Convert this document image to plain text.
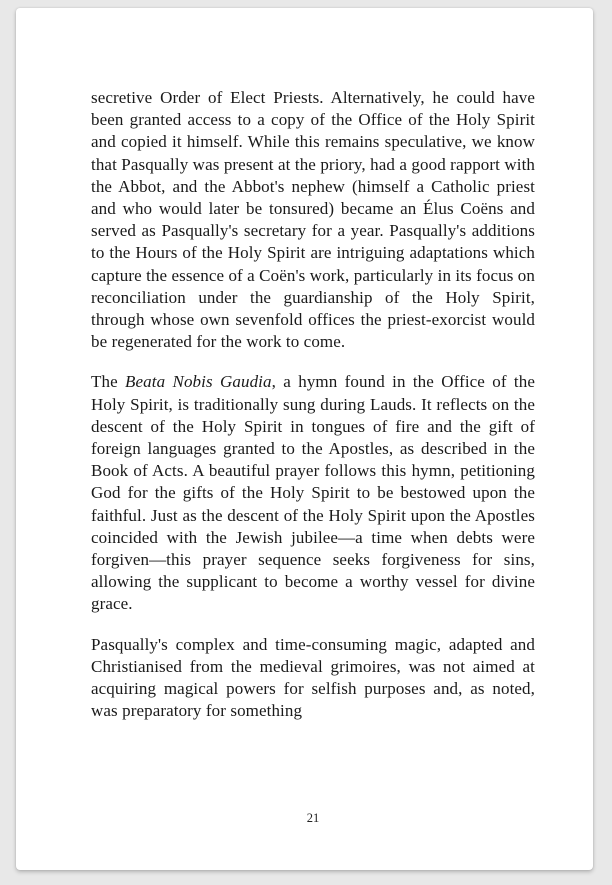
secretive Order of Elect Priests. Alternatively, he could have been granted access to a copy of the Office of the Holy Spirit and copied it himself. While this remains speculative, we know that Pasqually was present at the priory, had a good rapport with the Abbot, and the Abbot's nephew (himself a Catholic priest and who would later be tonsured) became an Élus Coëns and served as Pasqually's secretary for a year. Pasqually's additions to the Hours of the Holy Spirit are intriguing adaptations which capture the essence of a Coën's work, particularly in its focus on reconciliation under the guardianship of the Holy Spirit, through whose own sevenfold offices the priest-exorcist would be regenerated for the work to come.

The Beata Nobis Gaudia, a hymn found in the Office of the Holy Spirit, is traditionally sung during Lauds. It reflects on the descent of the Holy Spirit in tongues of fire and the gift of foreign languages granted to the Apostles, as described in the Book of Acts. A beautiful prayer follows this hymn, petitioning God for the gifts of the Holy Spirit to be bestowed upon the faithful. Just as the descent of the Holy Spirit upon the Apostles coincided with the Jewish jubilee—a time when debts were forgiven—this prayer sequence seeks forgiveness for sins, allowing the supplicant to become a worthy vessel for divine grace.

Pasqually's complex and time-consuming magic, adapted and Christianised from the medieval grimoires, was not aimed at acquiring magical powers for selfish purposes and, as noted, was preparatory for something

21
